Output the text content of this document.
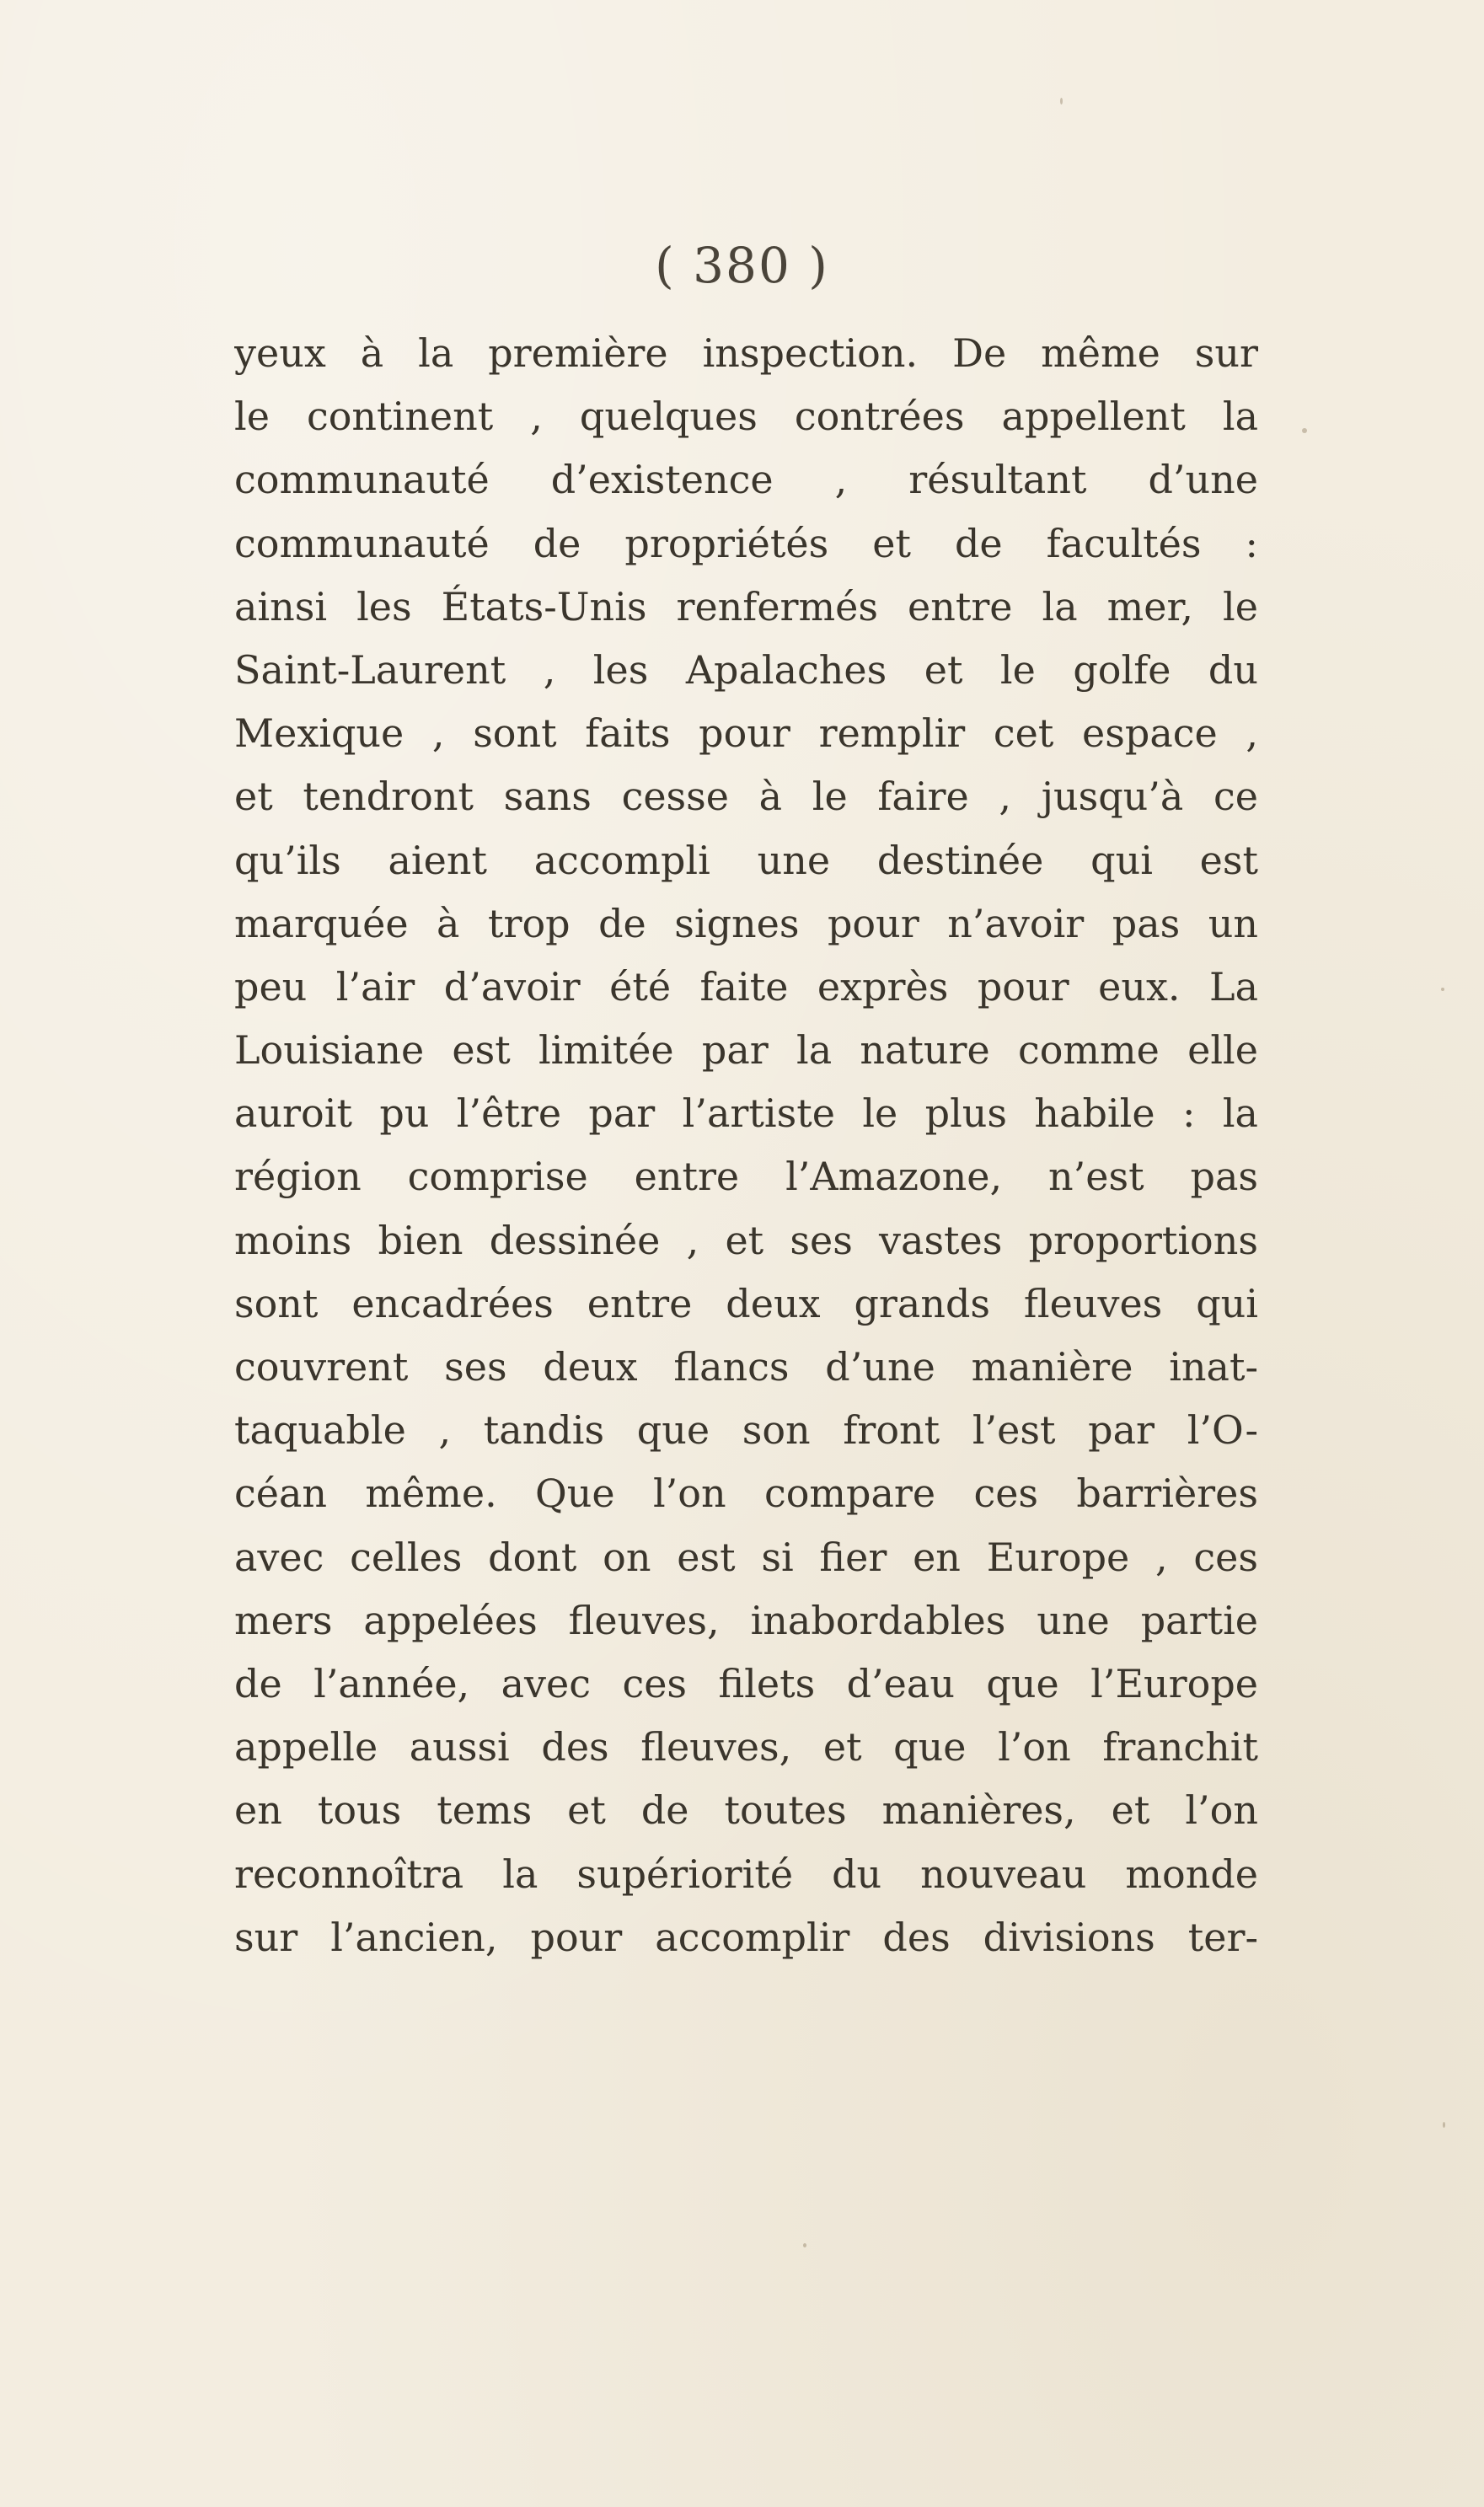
( 380 )
yeux à la première inspection. De même sur
le continent , quelques contrées appellent la
communauté d’existence , résultant d’une
communauté de propriétés et de facultés :
ainsi les États-Unis renfermés entre la mer, le
Saint-Laurent , les Apalaches et le golfe du
Mexique , sont faits pour remplir cet espace ,
et tendront sans cesse à le faire , jusqu’à ce
qu’ils aient accompli une destinée qui est
marquée à trop de signes pour n’avoir pas un
peu l’air d’avoir été faite exprès pour eux. La
Louisiane est limitée par la nature comme elle
auroit pu l’être par l’artiste le plus habile : la
région comprise entre l’Amazone, n’est pas
moins bien dessinée , et ses vastes proportions
sont encadrées entre deux grands fleuves qui
couvrent ses deux flancs d’une manière inat-
taquable , tandis que son front l’est par l’O-
céan même. Que l’on compare ces barrières
avec celles dont on est si fier en Europe , ces
mers appelées fleuves, inabordables une partie
de l’année, avec ces filets d’eau que l’Europe
appelle aussi des fleuves, et que l’on franchit
en tous tems et de toutes manières, et l’on
reconnoîtra la supériorité du nouveau monde
sur l’ancien, pour accomplir des divisions ter-
